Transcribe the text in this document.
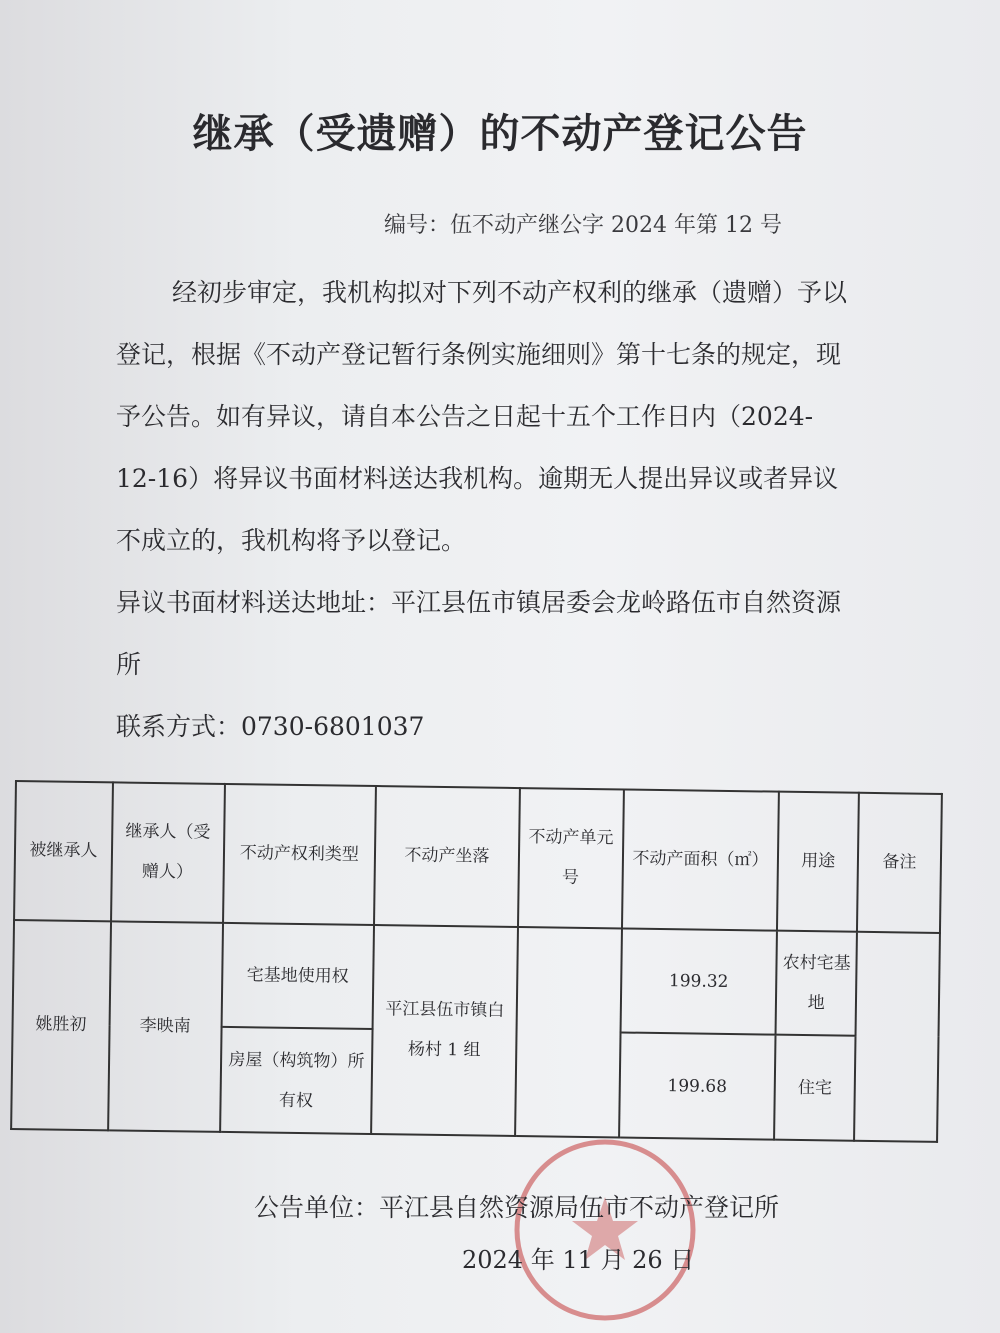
继承（受遗赠）的不动产登记公告
编号：伍不动产继公字 2024 年第 12 号

经初步审定，我机构拟对下列不动产权利的继承（遗赠）予以登记，根据《不动产登记暂行条例实施细则》第十七条的规定，现予公告。如有异议，请自本公告之日起十五个工作日内（2024-12-16）将异议书面材料送达我机构。逾期无人提出异议或者异议不成立的，我机构将予以登记。

异议书面材料送达地址：平江县伍市镇居委会龙岭路伍市自然资源所

联系方式：0730-6801037

被继承人	继承人（受赠人）	不动产权利类型	不动产坐落	不动产单元号	不动产面积（㎡）	用途	备注
姚胜初	李映南	宅基地使用权	平江县伍市镇白杨村 1 组		199.32	农村宅基地	
		房屋（构筑物）所有权			199.68	住宅	
公告单位：平江县自然资源局伍市不动产登记所
2024 年 11 月 26 日
